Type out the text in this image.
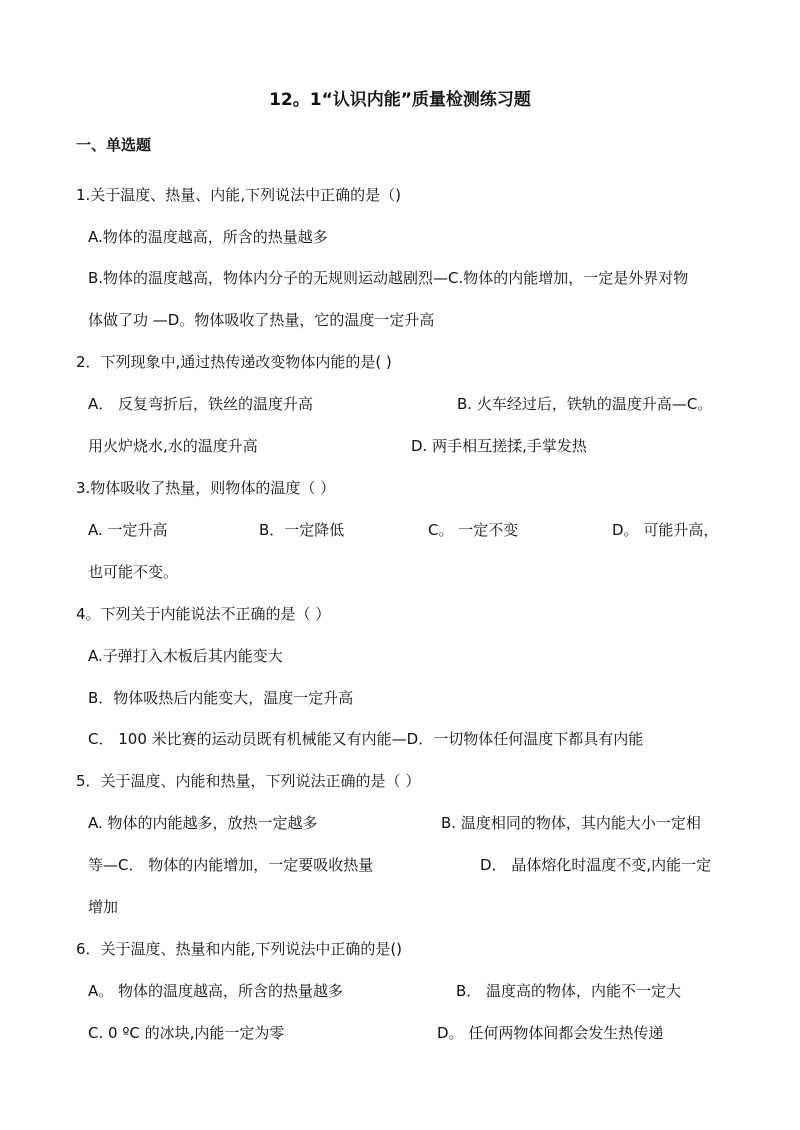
12。1“认识内能”质量检测练习题
一、单选题
1.关于温度、热量、内能,下列说法中正确的是（)
A.物体的温度越高，所含的热量越多
B.物体的温度越高，物体内分子的无规则运动越剧烈—C.物体的内能增加，一定是外界对物
体做了功 —D。物体吸收了热量，它的温度一定升高
2．下列现象中,通过热传递改变物体内能的是( )
A． 反复弯折后，铁丝的温度升高	B. 火车经过后，铁轨的温度升高—C。
用火炉烧水,水的温度升高	D. 两手相互搓揉,手掌发热
3.物体吸收了热量，则物体的温度（ ）
A. 一定升高	B．一定降低	C。 一定不变	D。 可能升高，
也可能不变。
4。下列关于内能说法不正确的是（ ）
A.子弹打入木板后其内能变大
B．物体吸热后内能变大，温度一定升高
C． 100 米比赛的运动员既有机械能又有内能—D．一切物体任何温度下都具有内能
5．关于温度、内能和热量，下列说法正确的是（ ）
A. 物体的内能越多，放热一定越多	B. 温度相同的物体，其内能大小一定相
等—C． 物体的内能增加，一定要吸收热量	D． 晶体熔化时温度不变,内能一定
增加
6．关于温度、热量和内能,下列说法中正确的是()
A。 物体的温度越高，所含的热量越多	B． 温度高的物体，内能不一定大
C. 0 ºC 的冰块,内能一定为零	D。 任何两物体间都会发生热传递
